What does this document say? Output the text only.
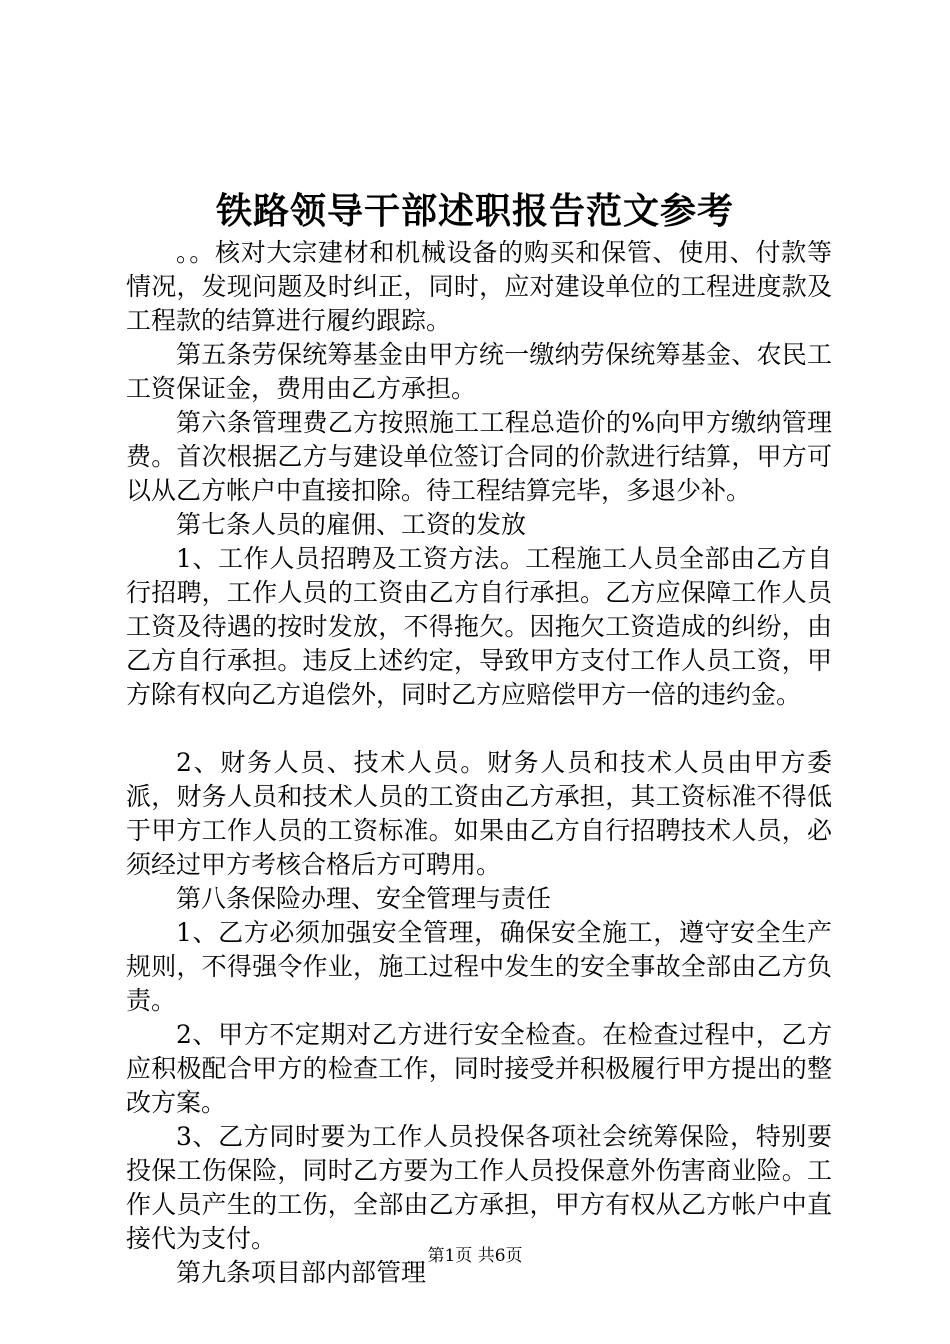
铁路领导干部述职报告范文参考

。。核对大宗建材和机械设备的购买和保管、使用、付款等情况，发现问题及时纠正，同时，应对建设单位的工程进度款及工程款的结算进行履约跟踪。

第五条劳保统筹基金由甲方统一缴纳劳保统筹基金、农民工工资保证金，费用由乙方承担。

第六条管理费乙方按照施工工程总造价的%向甲方缴纳管理费。首次根据乙方与建设单位签订合同的价款进行结算，甲方可以从乙方帐户中直接扣除。待工程结算完毕，多退少补。

第七条人员的雇佣、工资的发放

1、工作人员招聘及工资方法。工程施工人员全部由乙方自行招聘，工作人员的工资由乙方自行承担。乙方应保障工作人员工资及待遇的按时发放，不得拖欠。因拖欠工资造成的纠纷，由乙方自行承担。违反上述约定，导致甲方支付工作人员工资，甲方除有权向乙方追偿外，同时乙方应赔偿甲方一倍的违约金。

2、财务人员、技术人员。财务人员和技术人员由甲方委派，财务人员和技术人员的工资由乙方承担，其工资标准不得低于甲方工作人员的工资标准。如果由乙方自行招聘技术人员，必须经过甲方考核合格后方可聘用。

第八条保险办理、安全管理与责任

1、乙方必须加强安全管理，确保安全施工，遵守安全生产规则，不得强令作业，施工过程中发生的安全事故全部由乙方负责。

2、甲方不定期对乙方进行安全检查。在检查过程中，乙方应积极配合甲方的检查工作，同时接受并积极履行甲方提出的整改方案。

3、乙方同时要为工作人员投保各项社会统筹保险，特别要投保工伤保险，同时乙方要为工作人员投保意外伤害商业险。工作人员产生的工伤，全部由乙方承担，甲方有权从乙方帐户中直接代为支付。

第九条项目部内部管理

第1页 共6页
